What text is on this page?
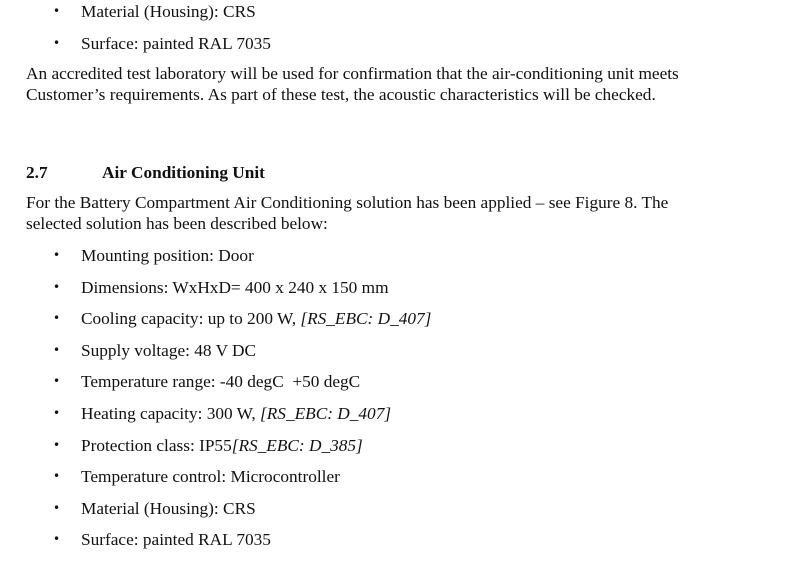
• Material (Housing): CRS
• Surface: painted RAL 7035

An accredited test laboratory will be used for confirmation that the air-conditioning unit meets
Customer’s requirements. As part of these test, the acoustic characteristics will be checked.

2.7	Air Conditioning Unit

For the Battery Compartment Air Conditioning solution has been applied – see Figure 8. The
selected solution has been described below:

• Mounting position: Door
• Dimensions: WxHxD= 400 x 240 x 150 mm
• Cooling capacity: up to 200 W, [RS_EBC: D_407]
• Supply voltage: 48 V DC
• Temperature range: -40 degC  +50 degC
• Heating capacity: 300 W, [RS_EBC: D_407]
• Protection class: IP55[RS_EBC: D_385]
• Temperature control: Microcontroller
• Material (Housing): CRS
• Surface: painted RAL 7035
